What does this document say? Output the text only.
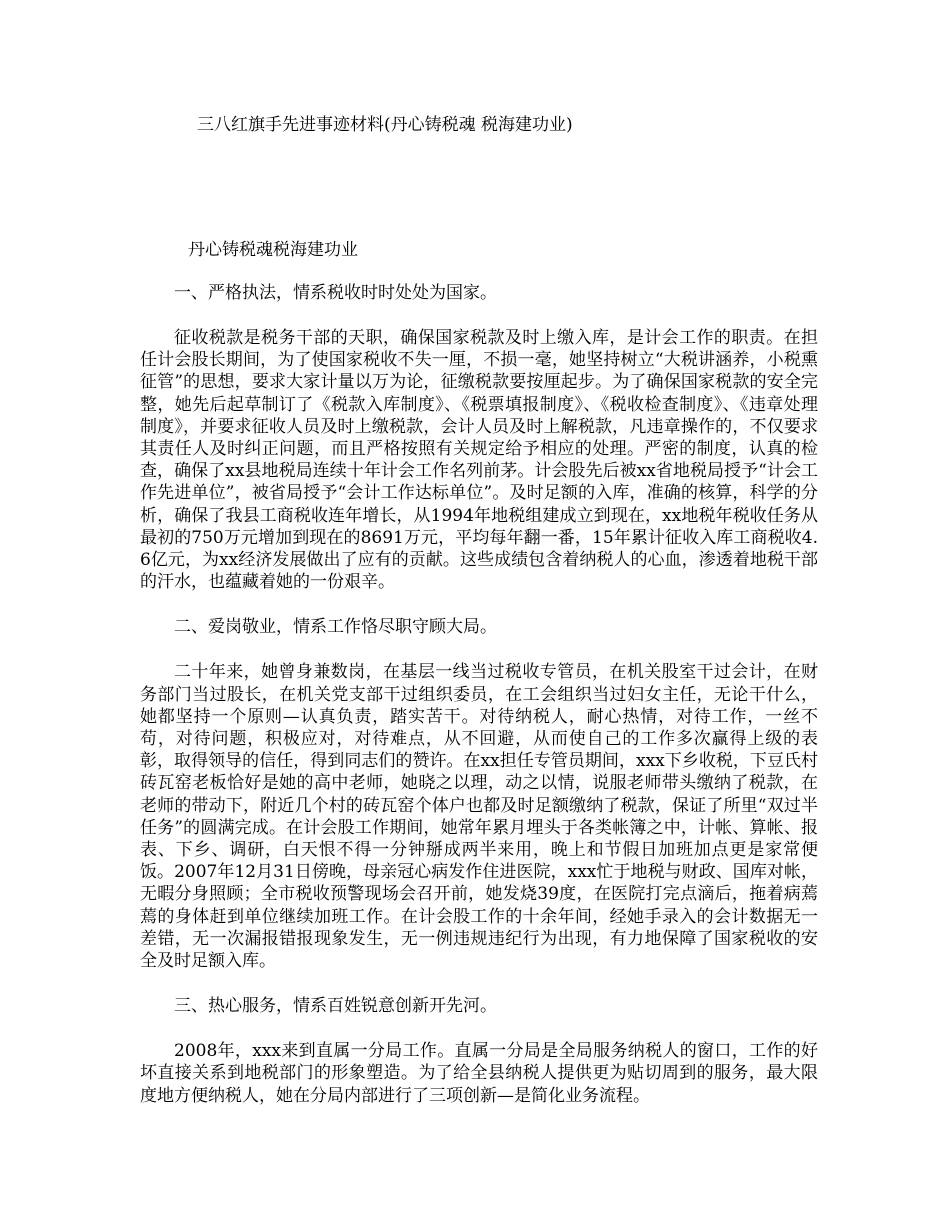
三八红旗手先进事迹材料(丹心铸税魂 税海建功业)
丹心铸税魂税海建功业
一、严格执法，情系税收时时处处为国家。
征收税款是税务干部的天职，确保国家税款及时上缴入库，是计会工作的职责。在担任计会股长期间，为了使国家税收不失一厘，不损一毫，她坚持树立“大税讲涵养，小税熏征管”的思想，要求大家计量以万为论，征缴税款要按厘起步。为了确保国家税款的安全完整，她先后起草制订了《税款入库制度》、《税票填报制度》、《税收检查制度》、《违章处理制度》，并要求征收人员及时上缴税款，会计人员及时上解税款，凡违章操作的，不仅要求其责任人及时纠正问题，而且严格按照有关规定给予相应的处理。严密的制度，认真的检查，确保了xx县地税局连续十年计会工作名列前茅。计会股先后被xx省地税局授予“计会工作先进单位”，被省局授予“会计工作达标单位”。及时足额的入库，准确的核算，科学的分析，确保了我县工商税收连年增长，从1994年地税组建成立到现在，xx地税年税收任务从最初的750万元增加到现在的8691万元，平均每年翻一番，15年累计征收入库工商税收4.6亿元，为xx经济发展做出了应有的贡献。这些成绩包含着纳税人的心血，渗透着地税干部的汗水，也蕴藏着她的一份艰辛。
二、爱岗敬业，情系工作恪尽职守顾大局。
二十年来，她曾身兼数岗，在基层一线当过税收专管员，在机关股室干过会计，在财务部门当过股长，在机关党支部干过组织委员，在工会组织当过妇女主任，无论干什么，她都坚持一个原则—认真负责，踏实苦干。对待纳税人，耐心热情，对待工作，一丝不苟，对待问题，积极应对，对待难点，从不回避，从而使自己的工作多次赢得上级的表彰，取得领导的信任，得到同志们的赞许。在xx担任专管员期间，xxx下乡收税，下豆氏村砖瓦窑老板恰好是她的高中老师，她晓之以理，动之以情，说服老师带头缴纳了税款，在老师的带动下，附近几个村的砖瓦窑个体户也都及时足额缴纳了税款，保证了所里“双过半任务”的圆满完成。在计会股工作期间，她常年累月埋头于各类帐簿之中，计帐、算帐、报表、下乡、调研，白天恨不得一分钟掰成两半来用，晚上和节假日加班加点更是家常便饭。2007年12月31日傍晚，母亲冠心病发作住进医院，xxx忙于地税与财政、国库对帐，无暇分身照顾；全市税收预警现场会召开前，她发烧39度，在医院打完点滴后，拖着病蔫蔫的身体赶到单位继续加班工作。在计会股工作的十余年间，经她手录入的会计数据无一差错，无一次漏报错报现象发生，无一例违规违纪行为出现，有力地保障了国家税收的安全及时足额入库。
三、热心服务，情系百姓锐意创新开先河。
2008年，xxx来到直属一分局工作。直属一分局是全局服务纳税人的窗口，工作的好坏直接关系到地税部门的形象塑造。为了给全县纳税人提供更为贴切周到的服务，最大限度地方便纳税人，她在分局内部进行了三项创新—是简化业务流程。
